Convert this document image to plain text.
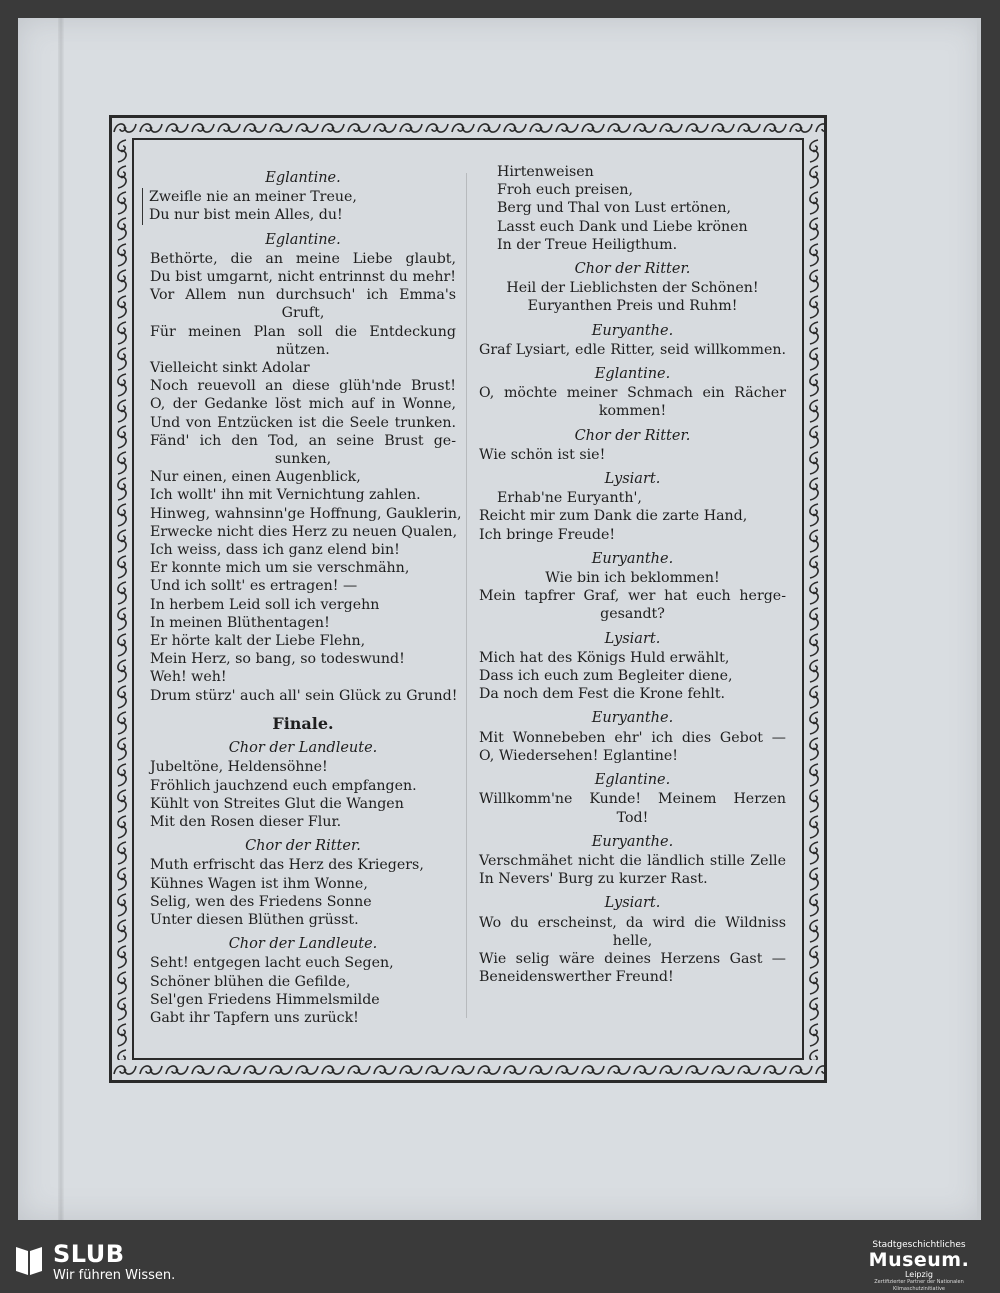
Eglantine.
Zweifle nie an meiner Treue,
Du nur bist mein Alles, du!
Eglantine.
Bethörte, die an meine Liebe glaubt,
Du bist umgarnt, nicht entrinnst du mehr!
Vor Allem nun durchsuch' ich Emma's
Gruft,
Für meinen Plan soll die Entdeckung
nützen.
Vielleicht sinkt Adolar
Noch reuevoll an diese glüh'nde Brust!
O, der Gedanke löst mich auf in Wonne,
Und von Entzücken ist die Seele trunken.
Fänd' ich den Tod, an seine Brust ge-
sunken,
Nur einen, einen Augenblick,
Ich wollt' ihn mit Vernichtung zahlen.
Hinweg, wahnsinn'ge Hoffnung, Gauklerin,
Erwecke nicht dies Herz zu neuen Qualen,
Ich weiss, dass ich ganz elend bin!
Er konnte mich um sie verschmähn,
Und ich sollt' es ertragen! —
In herbem Leid soll ich vergehn
In meinen Blüthentagen!
Er hörte kalt der Liebe Flehn,
Mein Herz, so bang, so todeswund!
Weh! weh!
Drum stürz' auch all' sein Glück zu Grund!
Finale.
Chor der Landleute.
Jubeltöne, Heldensöhne!
Fröhlich jauchzend euch empfangen.
Kühlt von Streites Glut die Wangen
Mit den Rosen dieser Flur.
Chor der Ritter.
Muth erfrischt das Herz des Kriegers,
Kühnes Wagen ist ihm Wonne,
Selig, wen des Friedens Sonne
Unter diesen Blüthen grüsst.
Chor der Landleute.
Seht! entgegen lacht euch Segen,
Schöner blühen die Gefilde,
Sel'gen Friedens Himmelsmilde
Gabt ihr Tapfern uns zurück!
Hirtenweisen
Froh euch preisen,
Berg und Thal von Lust ertönen,
Lasst euch Dank und Liebe krönen
In der Treue Heiligthum.
Chor der Ritter.
Heil der Lieblichsten der Schönen!
Euryanthen Preis und Ruhm!
Euryanthe.
Graf Lysiart, edle Ritter, seid willkommen.
Eglantine.
O, möchte meiner Schmach ein Rächer
kommen!
Chor der Ritter.
Wie schön ist sie!
Lysiart.
Erhab'ne Euryanth',
Reicht mir zum Dank die zarte Hand,
Ich bringe Freude!
Euryanthe.
Wie bin ich beklommen!
Mein tapfrer Graf, wer hat euch herge-
gesandt?
Lysiart.
Mich hat des Königs Huld erwählt,
Dass ich euch zum Begleiter diene,
Da noch dem Fest die Krone fehlt.
Euryanthe.
Mit Wonnebeben ehr' ich dies Gebot —
O, Wiedersehen! Eglantine!
Eglantine.
Willkomm'ne Kunde! Meinem Herzen
Tod!
Euryanthe.
Verschmähet nicht die ländlich stille Zelle
In Nevers' Burg zu kurzer Rast.
Lysiart.
Wo du erscheinst, da wird die Wildniss
helle,
Wie selig wäre deines Herzens Gast —
Beneidenswerther Freund!
SLUB
Wir führen Wissen.
Stadtgeschichtliches
Museum.
Leipzig
Zertifizierter Partner der Nationalen Klimaschutzinitiative
